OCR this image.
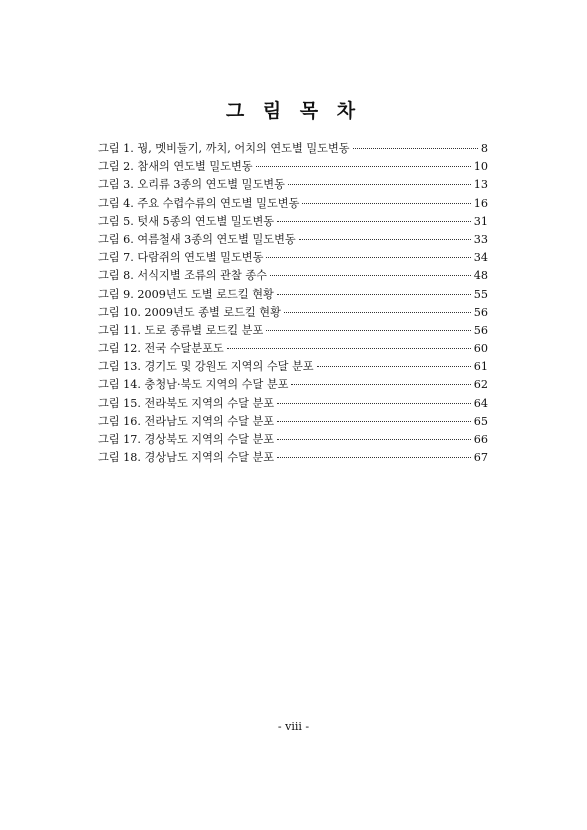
그 림 목 차
그림 1. 꿩, 멧비둘기, 까치, 어치의 연도별 밀도변동	8
그림 2. 참새의 연도별 밀도변동	10
그림 3. 오리류 3종의 연도별 밀도변동	13
그림 4. 주요 수렵수류의 연도별 밀도변동	16
그림 5. 텃새 5종의 연도별 밀도변동	31
그림 6. 여름철새 3종의 연도별 밀도변동	33
그림 7. 다람쥐의 연도별 밀도변동	34
그림 8. 서식지별 조류의 관찰 종수	48
그림 9. 2009년도 도별 로드킬 현황	55
그림 10. 2009년도 종별 로드킬 현황	56
그림 11. 도로 종류별 로드킬 분포	56
그림 12. 전국 수달분포도	60
그림 13. 경기도 및 강원도 지역의 수달 분포	61
그림 14. 충청남·북도 지역의 수달 분포	62
그림 15. 전라북도 지역의 수달 분포	64
그림 16. 전라남도 지역의 수달 분포	65
그림 17. 경상북도 지역의 수달 분포	66
그림 18. 경상남도 지역의 수달 분포	67
- viii -
